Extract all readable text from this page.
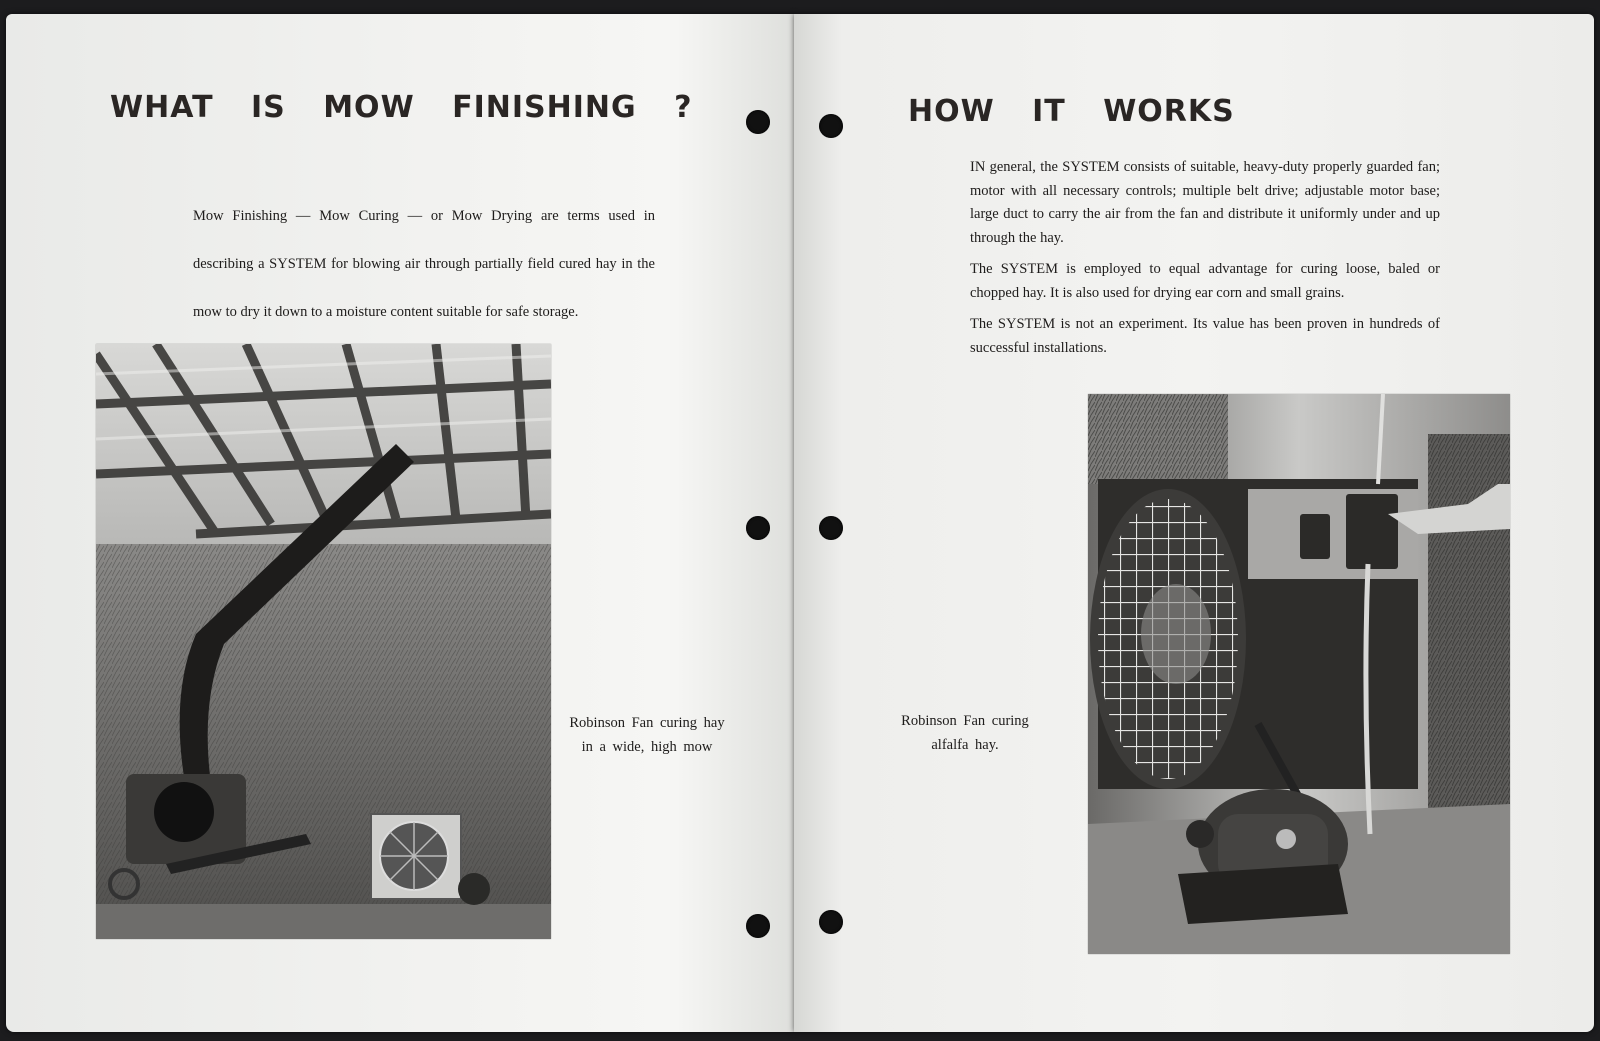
WHAT IS MOW FINISHING ?

Mow Finishing — Mow Curing — or Mow Drying are terms used in describing a SYSTEM for blowing air through partially field cured hay in the mow to dry it down to a moisture content suitable for safe storage.

Robinson Fan curing hay
in a wide, high mow
HOW IT WORKS

IN general, the SYSTEM consists of suitable, heavy-duty properly guarded fan; motor with all necessary controls; multiple belt drive; adjustable motor base; large duct to carry the air from the fan and distribute it uniformly under and up through the hay.

The SYSTEM is employed to equal advantage for curing loose, baled or chopped hay. It is also used for drying ear corn and small grains.

The SYSTEM is not an experiment. Its value has been proven in hundreds of successful installations.

Robinson Fan curing
alfalfa hay.
